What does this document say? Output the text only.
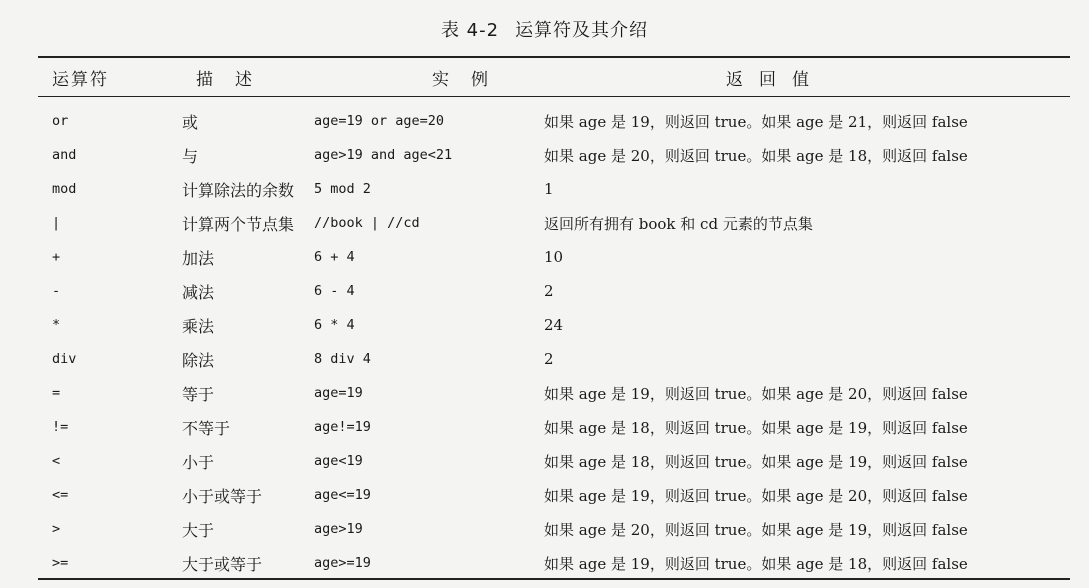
表 4-2 运算符及其介绍
运算符	描述	实例	返回值
or	或	age=19 or age=20	如果 age 是 19，则返回 true。如果 age 是 21，则返回 false
and	与	age>19 and age<21	如果 age 是 20，则返回 true。如果 age 是 18，则返回 false
mod	计算除法的余数	5 mod 2	1
|	计算两个节点集	//book | //cd	返回所有拥有 book 和 cd 元素的节点集
+	加法	6 + 4	10
-	减法	6 - 4	2
*	乘法	6 * 4	24
div	除法	8 div 4	2
=	等于	age=19	如果 age 是 19，则返回 true。如果 age 是 20，则返回 false
!=	不等于	age!=19	如果 age 是 18，则返回 true。如果 age 是 19，则返回 false
<	小于	age<19	如果 age 是 18，则返回 true。如果 age 是 19，则返回 false
<=	小于或等于	age<=19	如果 age 是 19，则返回 true。如果 age 是 20，则返回 false
>	大于	age>19	如果 age 是 20，则返回 true。如果 age 是 19，则返回 false
>=	大于或等于	age>=19	如果 age 是 19，则返回 true。如果 age 是 18，则返回 false
